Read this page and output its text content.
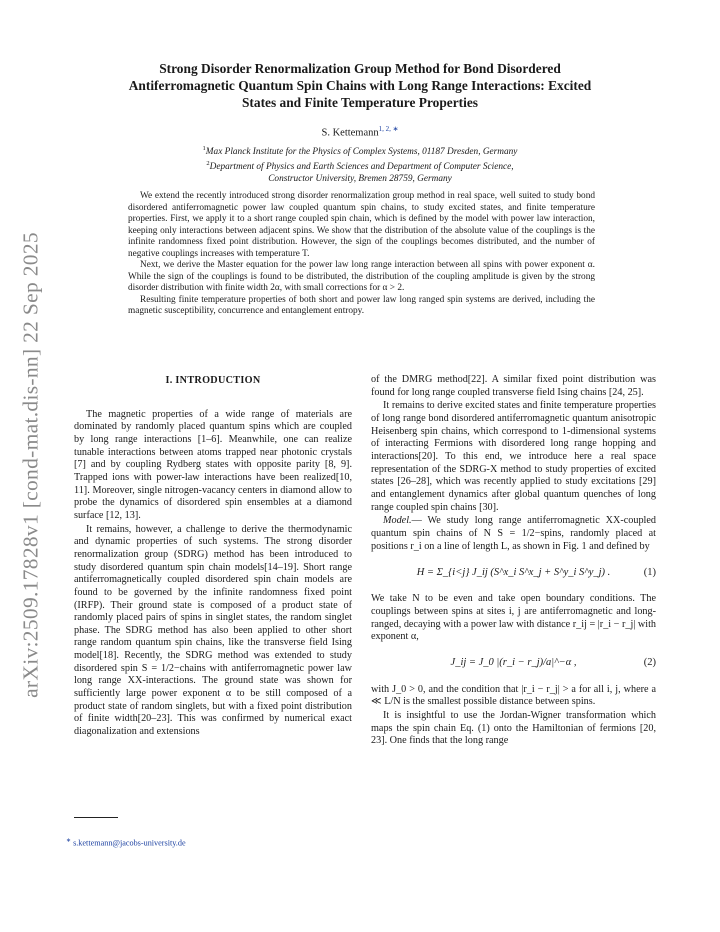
arXiv:2509.17828v1 [cond-mat.dis-nn] 22 Sep 2025
Strong Disorder Renormalization Group Method for Bond Disordered
Antiferromagnetic Quantum Spin Chains with Long Range Interactions: Excited
States and Finite Temperature Properties
S. Kettemann$^{1, 2, ∗}$
$^1$Max Planck Institute for the Physics of Complex Systems, 01187 Dresden, Germany
$^2$Department of Physics and Earth Sciences and Department of Computer Science,
Constructor University, Bremen 28759, Germany

We extend the recently introduced strong disorder renormalization group method in real space, well suited to study bond disordered antiferromagnetic power law coupled quantum spin chains, to study excited states, and finite temperature properties. First, we apply it to a short range coupled spin chain, which is defined by the model with power law interaction, keeping only interactions between adjacent spins. We show that the distribution of the absolute value of the couplings is the infinite randomness fixed point distribution. However, the sign of the couplings becomes distributed, and the number of negative couplings increases with temperature T.

Next, we derive the Master equation for the power law long range interaction between all spins with power exponent α. While the sign of the couplings is found to be distributed, the distribution of the coupling amplitude is given by the strong disorder distribution with finite width 2α, with small corrections for α > 2.

Resulting finite temperature properties of both short and power law long ranged spin systems are derived, including the magnetic susceptibility, concurrence and entanglement entropy.

I. INTRODUCTION

The magnetic properties of a wide range of materials are dominated by randomly placed quantum spins which are coupled by long range interactions [1–6]. Meanwhile, one can realize tunable interactions between atoms trapped near photonic crystals [7] and by coupling Rydberg states with opposite parity [8, 9]. Trapped ions with power-law interactions have been realized[10, 11]. Moreover, single nitrogen-vacancy centers in diamond allow to probe the dynamics of disordered spin ensembles at a diamond surface [12, 13].

It remains, however, a challenge to derive the thermodynamic and dynamic properties of such systems. The strong disorder renormalization group (SDRG) method has been introduced to study disordered quantum spin chain models[14–19]. Short range antiferromagnetically coupled disordered spin chain models are found to be governed by the infinite randomness fixed point (IRFP). Their ground state is composed of a product state of randomly placed pairs of spins in singlet states, the random singlet phase. The SDRG method has also been applied to other short range random quantum spin chains, like the transverse field Ising model[18]. Recently, the SDRG method was extended to study disordered spin S = 1/2−chains with antiferromagnetic power law long range XX-interactions. The ground state was shown for sufficiently large power exponent α to be still composed of a product state of random singlets, but with a fixed point distribution of finite width[20–23]. This was confirmed by numerical exact diagonalization and extensions

of the DMRG method[22]. A similar fixed point distribution was found for long range coupled transverse field Ising chains [24, 25].

It remains to derive excited states and finite temperature properties of long range bond disordered antiferromagnetic quantum anisotropic Heisenberg spin chains, which correspond to 1-dimensional systems of interacting Fermions with disordered long range hopping and interactions[20]. To this end, we introduce here a real space representation of the SDRG-X method to study properties of excited states [26–28], which was recently applied to study excitations [29] and entanglement dynamics after global quantum quenches of long range coupled spin chains [30].

Model.— We study long range antiferromagnetic XX-coupled quantum spin chains of N S = 1/2−spins, randomly placed at positions r_i on a line of length L, as shown in Fig. 1 and defined by

H = Σ_{i<j} J_ij (S^x_i S^x_j + S^y_i S^y_j) .	(1)

We take N to be even and take open boundary conditions. The couplings between spins at sites i, j are antiferromagnetic and long-ranged, decaying with a power law with distance r_ij = |r_i − r_j| with exponent α,

J_ij = J_0 |(r_i − r_j)/a|^−α ,	(2)

with J_0 > 0, and the condition that |r_i − r_j| > a for all i, j, where a ≪ L/N is the smallest possible distance between spins.

It is insightful to use the Jordan-Wigner transformation which maps the spin chain Eq. (1) onto the Hamiltonian of fermions [20, 23]. One finds that the long range

∗ s.kettemann@jacobs-university.de
